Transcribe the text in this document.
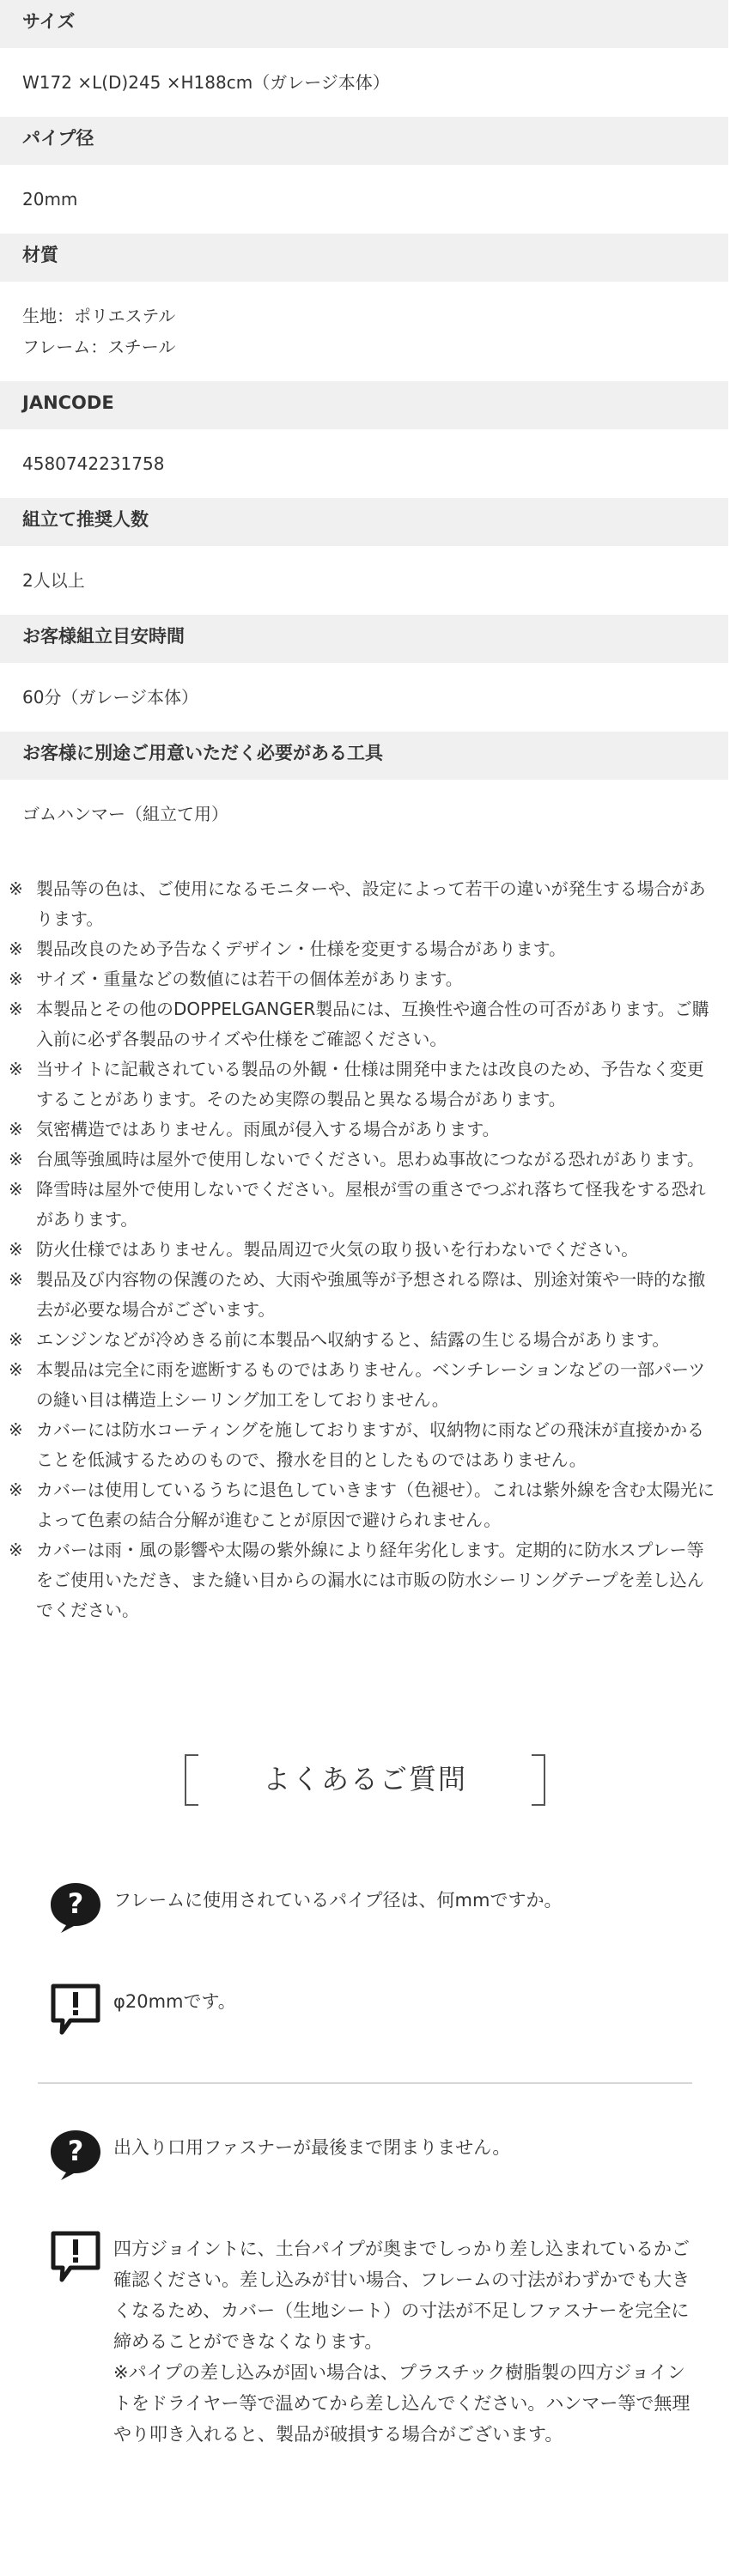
サイズ
W172 ×L(D)245 ×H188cm（ガレージ本体）
パイプ径
20mm
材質
生地：ポリエステル
フレーム：スチール
JANCODE
4580742231758
組立て推奨人数
2人以上
お客様組立目安時間
60分（ガレージ本体）
お客様に別途ご用意いただく必要がある工具
ゴムハンマー（組立て用）
※ 製品等の色は、ご使用になるモニターや、設定によって若干の違いが発生する場合があります。
※ 製品改良のため予告なくデザイン・仕様を変更する場合があります。
※ サイズ・重量などの数値には若干の個体差があります。
※ 本製品とその他のDOPPELGANGER製品には、互換性や適合性の可否があります。ご購入前に必ず各製品のサイズや仕様をご確認ください。
※ 当サイトに記載されている製品の外観・仕様は開発中または改良のため、予告なく変更することがあります。そのため実際の製品と異なる場合があります。
※ 気密構造ではありません。雨風が侵入する場合があります。
※ 台風等強風時は屋外で使用しないでください。思わぬ事故につながる恐れがあります。
※ 降雪時は屋外で使用しないでください。屋根が雪の重さでつぶれ落ちて怪我をする恐れがあります。
※ 防火仕様ではありません。製品周辺で火気の取り扱いを行わないでください。
※ 製品及び内容物の保護のため、大雨や強風等が予想される際は、別途対策や一時的な撤去が必要な場合がございます。
※ エンジンなどが冷めきる前に本製品へ収納すると、結露の生じる場合があります。
※ 本製品は完全に雨を遮断するものではありません。ベンチレーションなどの一部パーツの縫い目は構造上シーリング加工をしておりません。
※ カバーには防水コーティングを施しておりますが、収納物に雨などの飛沫が直接かかることを低減するためのもので、撥水を目的としたものではありません。
※ カバーは使用しているうちに退色していきます（色褪せ）。これは紫外線を含む太陽光によって色素の結合分解が進むことが原因で避けられません。
※ カバーは雨・風の影響や太陽の紫外線により経年劣化します。定期的に防水スプレー等をご使用いただき、また縫い目からの漏水には市販の防水シーリングテープを差し込んでください。
よくあるご質問
? フレームに使用されているパイプ径は、何mmですか。
φ20mmです。
? 出入り口用ファスナーが最後まで閉まりません。
四方ジョイントに、土台パイプが奥までしっかり差し込まれているかご確認ください。差し込みが甘い場合、フレームの寸法がわずかでも大きくなるため、カバー（生地シート）の寸法が不足しファスナーを完全に締めることができなくなります。
※パイプの差し込みが固い場合は、プラスチック樹脂製の四方ジョイントをドライヤー等で温めてから差し込んでください。ハンマー等で無理やり叩き入れると、製品が破損する場合がございます。
